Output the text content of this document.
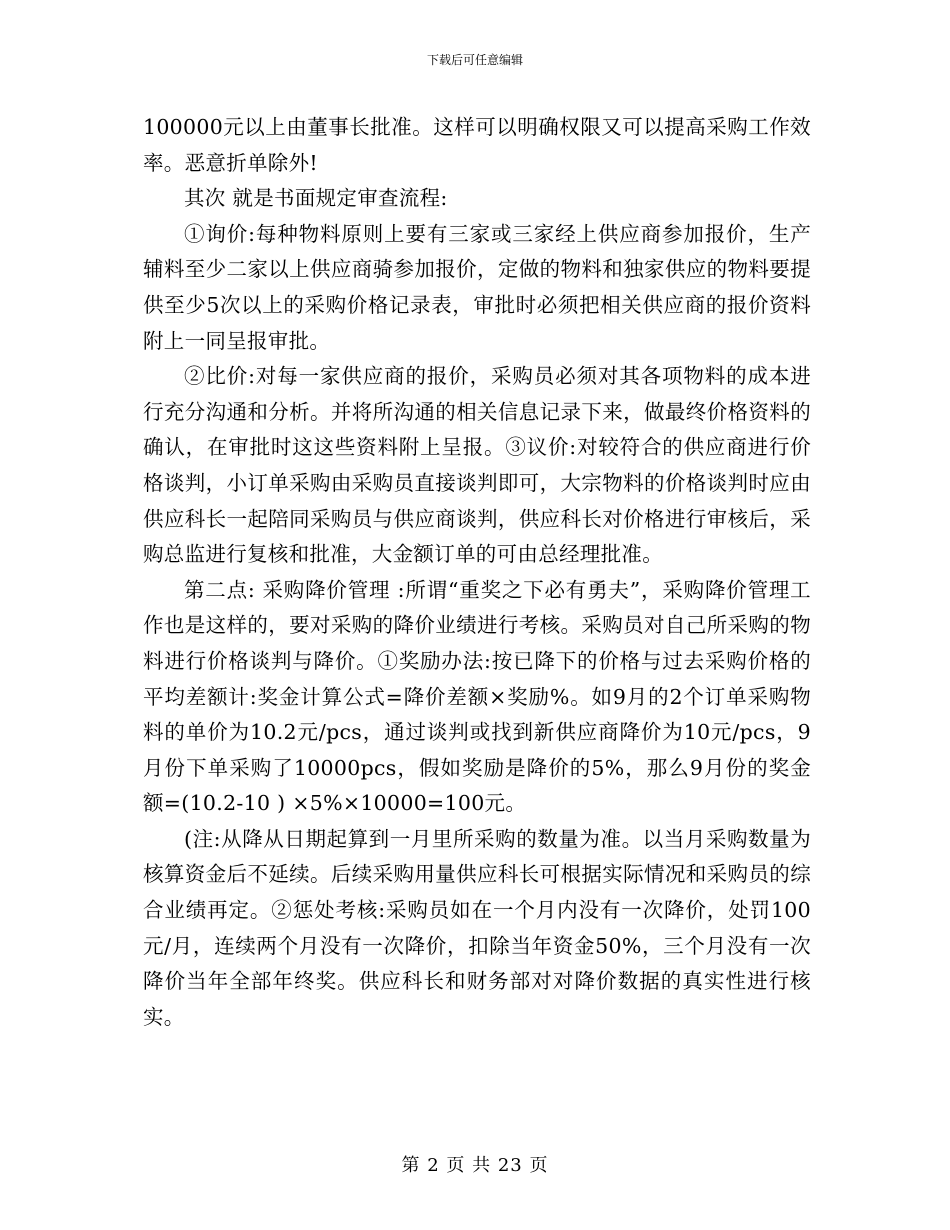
下载后可任意编辑

100000元以上由董事长批准。这样可以明确权限又可以提高采购工作效率。恶意折单除外!

其次 就是书面规定审查流程:

①询价:每种物料原则上要有三家或三家经上供应商参加报价，生产辅料至少二家以上供应商骑参加报价，定做的物料和独家供应的物料要提供至少5次以上的采购价格记录表，审批时必须把相关供应商的报价资料附上一同呈报审批。

②比价:对每一家供应商的报价，采购员必须对其各项物料的成本进行充分沟通和分析。并将所沟通的相关信息记录下来，做最终价格资料的确认，在审批时这这些资料附上呈报。③议价:对较符合的供应商进行价格谈判，小订单采购由采购员直接谈判即可，大宗物料的价格谈判时应由供应科长一起陪同采购员与供应商谈判，供应科长对价格进行审核后，采购总监进行复核和批准，大金额订单的可由总经理批准。

第二点: 采购降价管理 :所谓“重奖之下必有勇夫”，采购降价管理工作也是这样的，要对采购的降价业绩进行考核。采购员对自己所采购的物料进行价格谈判与降价。①奖励办法:按已降下的价格与过去采购价格的平均差额计:奖金计算公式=降价差额×奖励%。如9月的2个订单采购物料的单价为10.2元/pcs，通过谈判或找到新供应商降价为10元/pcs，9月份下单采购了10000pcs，假如奖励是降价的5%，那么9月份的奖金额=(10.2-10 ) ×5%×10000=100元。

(注:从降从日期起算到一月里所采购的数量为准。以当月采购数量为核算资金后不延续。后续采购用量供应科长可根据实际情况和采购员的综合业绩再定。②惩处考核:采购员如在一个月内没有一次降价，处罚100元/月，连续两个月没有一次降价，扣除当年资金50%，三个月没有一次降价当年全部年终奖。供应科长和财务部对对降价数据的真实性进行核实。

第 2 页 共 23 页
